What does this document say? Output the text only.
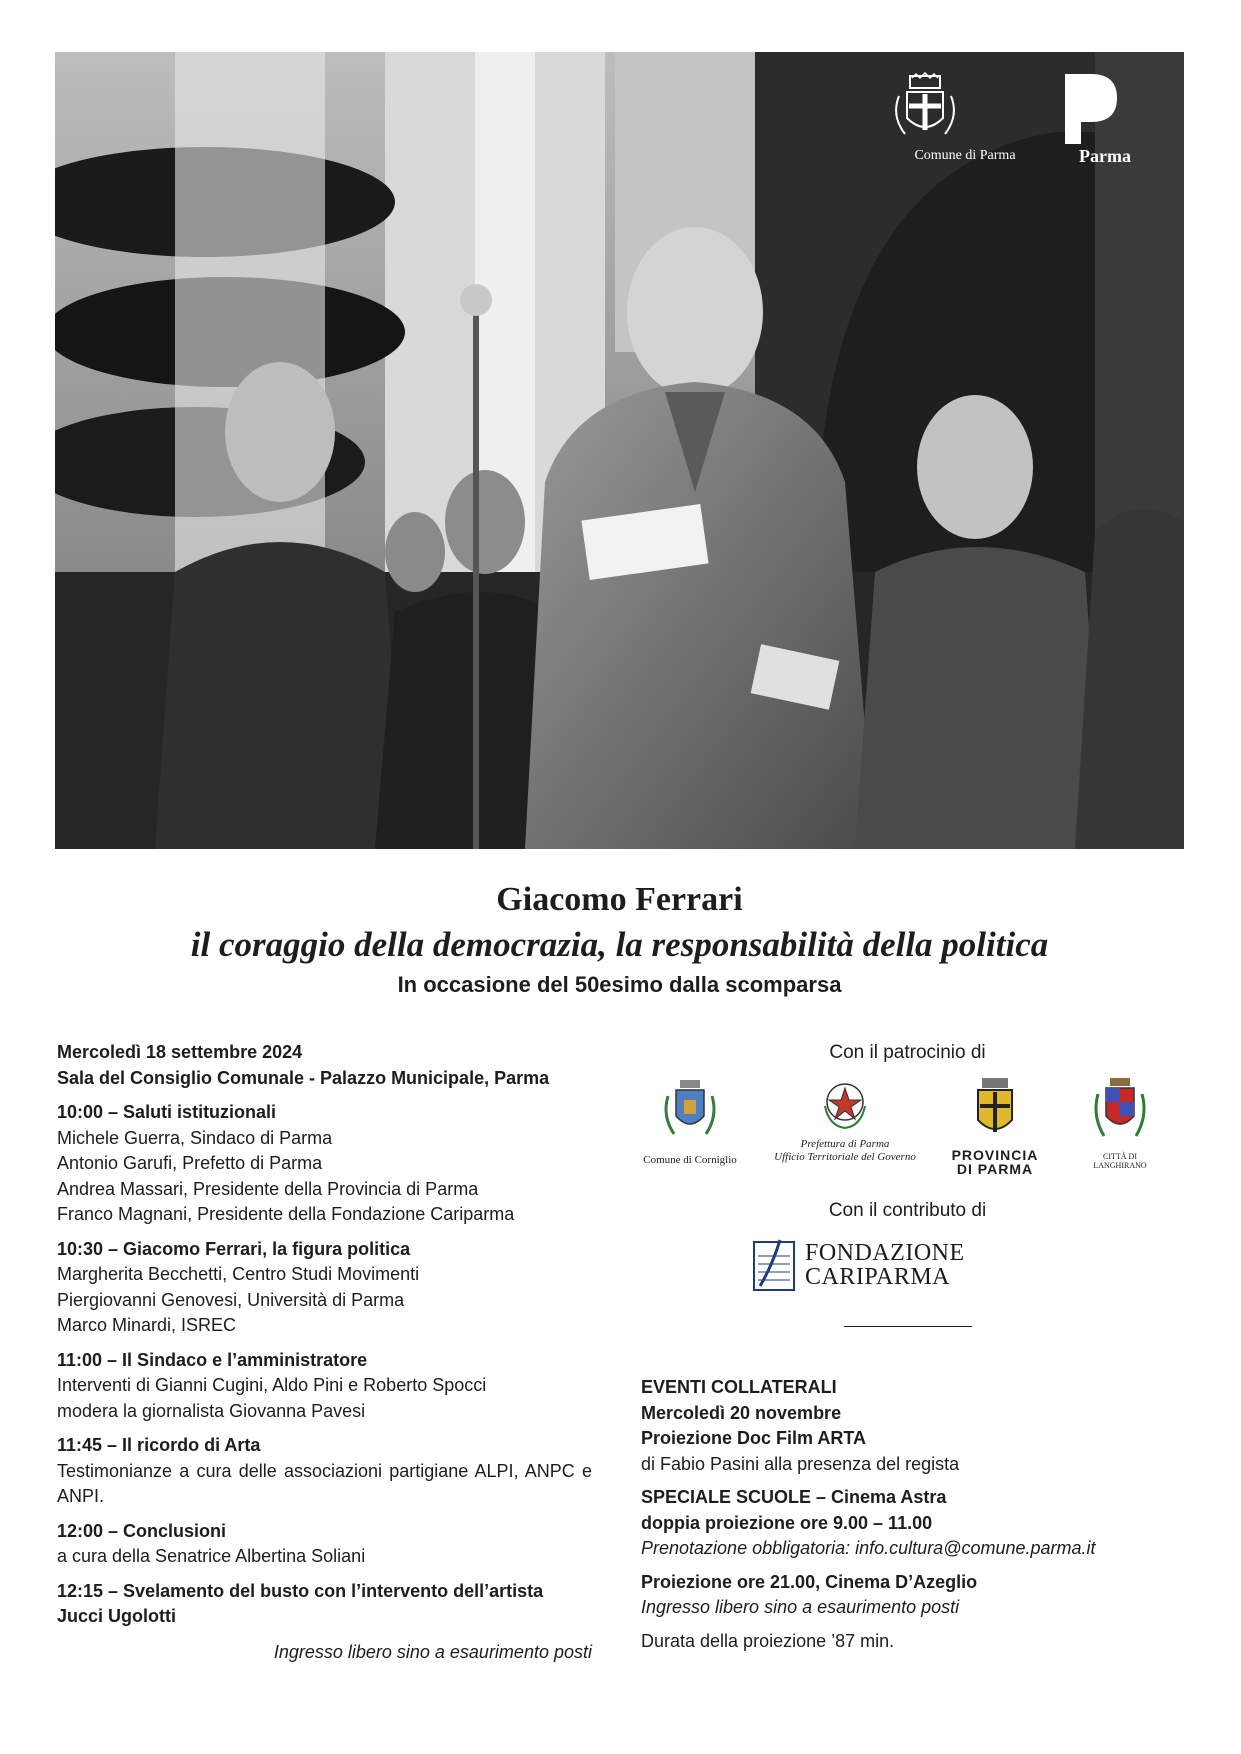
Comune di Parma	Parma
Giacomo Ferrari

il coraggio della democrazia, la responsabilità della politica

In occasione del 50esimo dalla scomparsa

Mercoledì 18 settembre 2024
Sala del Consiglio Comunale - Palazzo Municipale, Parma
10:00 – Saluti istituzionali
Michele Guerra, Sindaco di Parma
Antonio Garufi, Prefetto di Parma
Andrea Massari, Presidente della Provincia di Parma
Franco Magnani, Presidente della Fondazione Cariparma
10:30 – Giacomo Ferrari, la figura politica
Margherita Becchetti, Centro Studi Movimenti
Piergiovanni Genovesi, Università di Parma
Marco Minardi, ISREC
11:00 – Il Sindaco e l’amministratore
Interventi di Gianni Cugini, Aldo Pini e Roberto Spocci
modera la giornalista Giovanna Pavesi
11:45 – Il ricordo di Arta
Testimonianze a cura delle associazioni partigiane ALPI, ANPC e ANPI.
12:00 – Conclusioni
a cura della Senatrice Albertina Soliani
12:15 – Svelamento del busto con l’intervento dell’artista Jucci Ugolotti
Ingresso libero sino a esaurimento posti
Con il patrocinio di
Comune di Corniglio
Prefettura di Parma
Ufficio Territoriale del Governo	PROVINCIA
DI PARMA
CITTÀ DI
LANGHIRANO
Con il contributo di
FONDAZIONE
CARIPARMA
EVENTI COLLATERALI
Mercoledì 20 novembre
Proiezione Doc Film ARTA
di Fabio Pasini alla presenza del regista
SPECIALE SCUOLE – Cinema Astra
doppia proiezione ore 9.00 – 11.00
Prenotazione obbligatoria: info.cultura@comune.parma.it
Proiezione ore 21.00, Cinema D’Azeglio
Ingresso libero sino a esaurimento posti
Durata della proiezione ’87 min.
